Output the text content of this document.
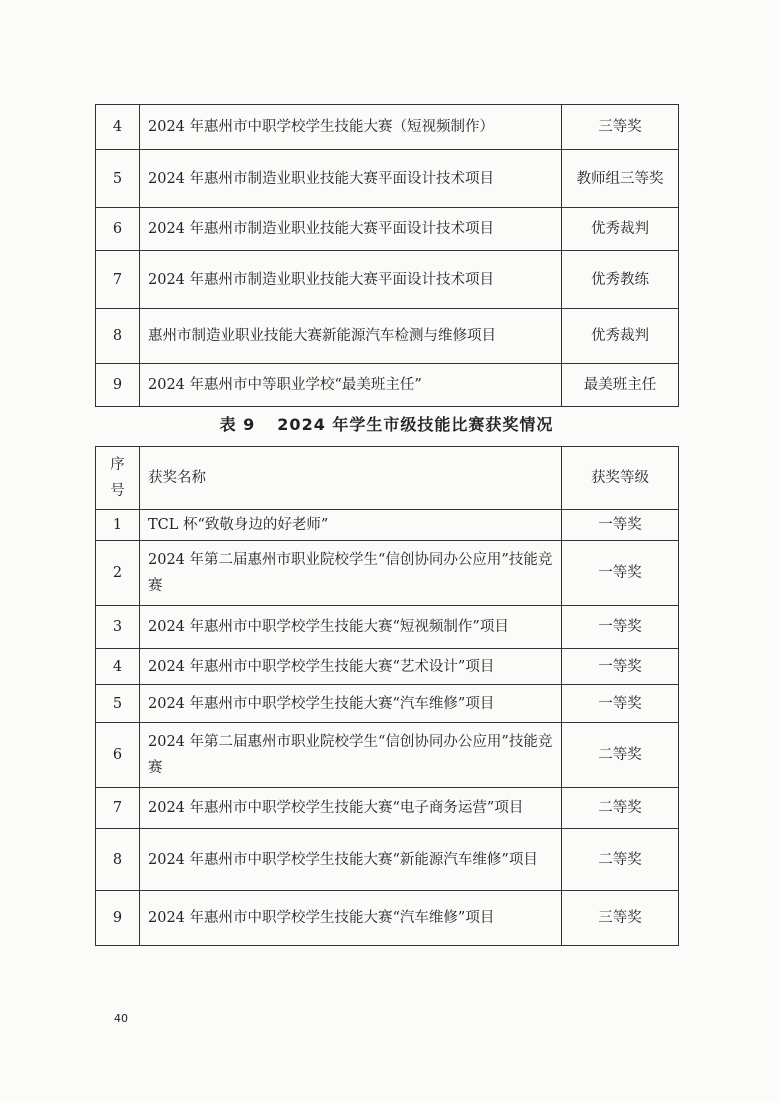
4	2024 年惠州市中职学校学生技能大赛（短视频制作）	三等奖
5	2024 年惠州市制造业职业技能大赛平面设计技术项目	教师组三等奖
6	2024 年惠州市制造业职业技能大赛平面设计技术项目	优秀裁判
7	2024 年惠州市制造业职业技能大赛平面设计技术项目	优秀教练
8	惠州市制造业职业技能大赛新能源汽车检测与维修项目	优秀裁判
9	2024 年惠州市中等职业学校“最美班主任”	最美班主任
表 9 2024 年学生市级技能比赛获奖情况
序号	获奖名称	获奖等级
1	TCL 杯“致敬身边的好老师”	一等奖
2	2024 年第二届惠州市职业院校学生“信创协同办公应用”技能竞赛	一等奖
3	2024 年惠州市中职学校学生技能大赛“短视频制作”项目	一等奖
4	2024 年惠州市中职学校学生技能大赛“艺术设计”项目	一等奖
5	2024 年惠州市中职学校学生技能大赛“汽车维修”项目	一等奖
6	2024 年第二届惠州市职业院校学生“信创协同办公应用”技能竞赛	二等奖
7	2024 年惠州市中职学校学生技能大赛“电子商务运营”项目	二等奖
8	2024 年惠州市中职学校学生技能大赛“新能源汽车维修”项目	二等奖
9	2024 年惠州市中职学校学生技能大赛“汽车维修”项目	三等奖
40
